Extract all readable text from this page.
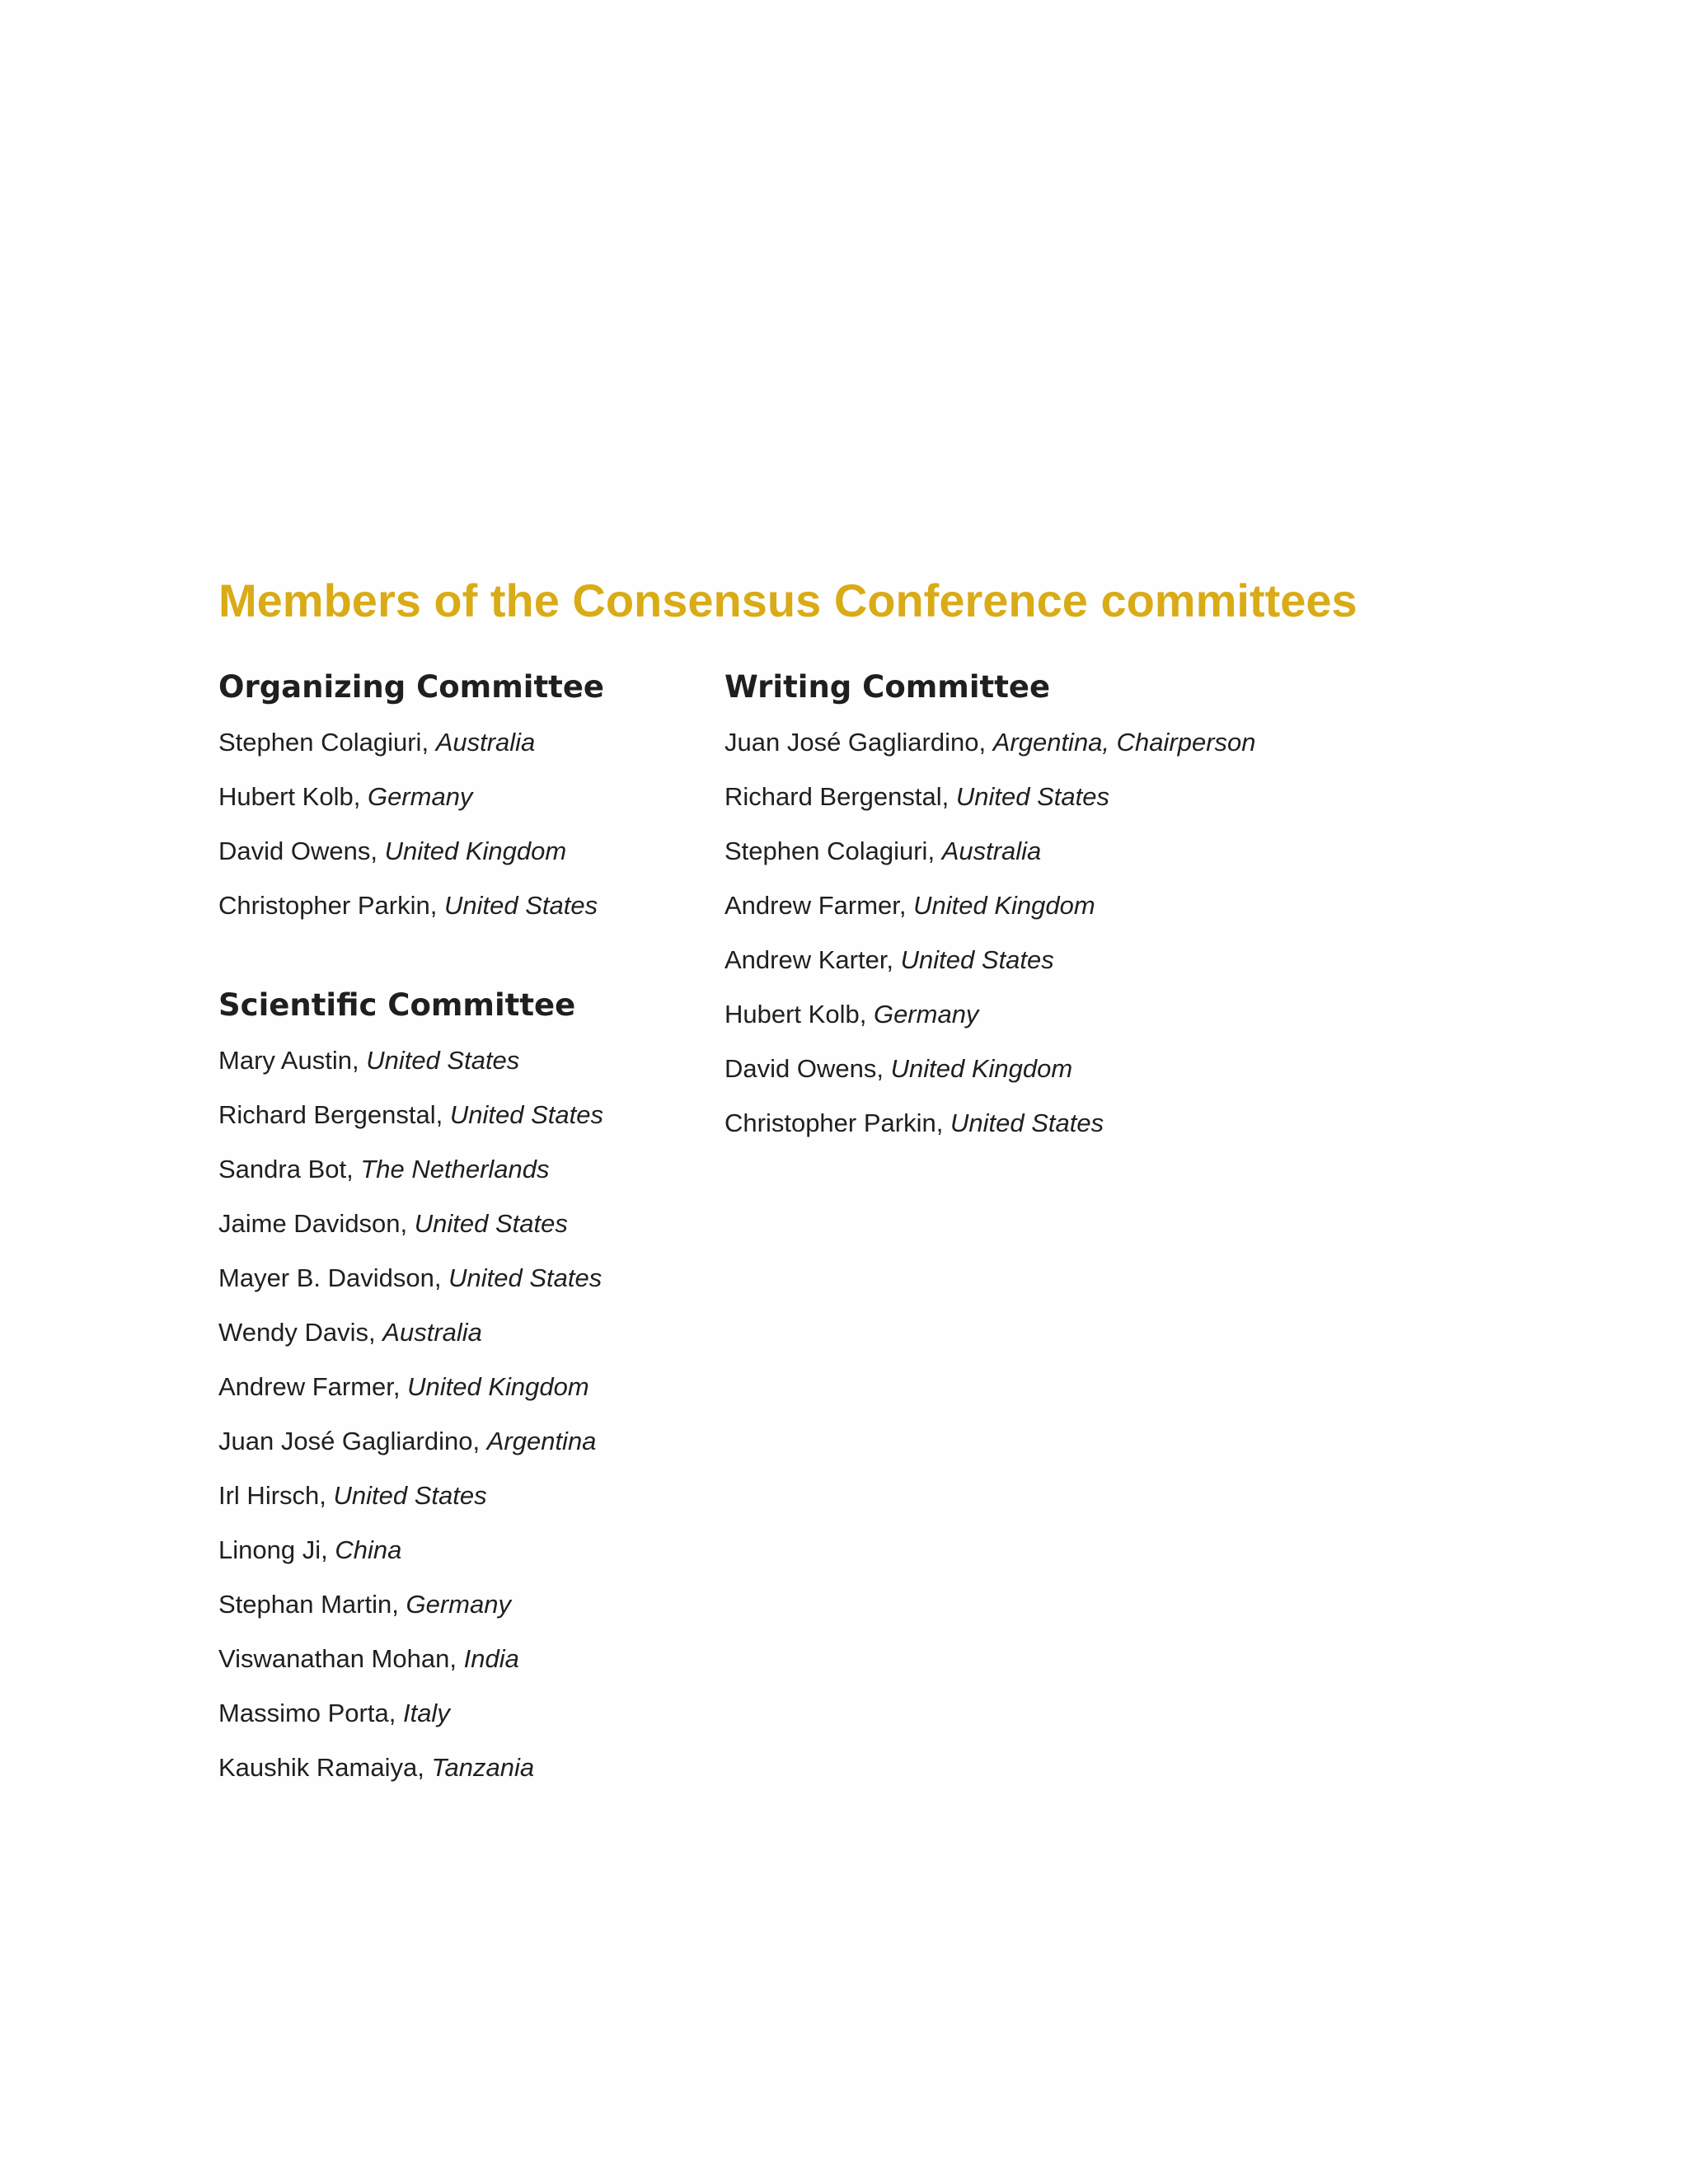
Members of the Consensus Conference committees
Organizing Committee
Stephen Colagiuri, Australia
Hubert Kolb, Germany
David Owens, United Kingdom
Christopher Parkin, United States
Scientific Committee
Mary Austin, United States
Richard Bergenstal, United States
Sandra Bot, The Netherlands
Jaime Davidson, United States
Mayer B. Davidson, United States
Wendy Davis, Australia
Andrew Farmer, United Kingdom
Juan José Gagliardino, Argentina
Irl Hirsch, United States
Linong Ji, China
Stephan Martin, Germany
Viswanathan Mohan, India
Massimo Porta, Italy
Kaushik Ramaiya, Tanzania
Writing Committee
Juan José Gagliardino, Argentina, Chairperson
Richard Bergenstal, United States
Stephen Colagiuri, Australia
Andrew Farmer, United Kingdom
Andrew Karter, United States
Hubert Kolb, Germany
David Owens, United Kingdom
Christopher Parkin, United States
